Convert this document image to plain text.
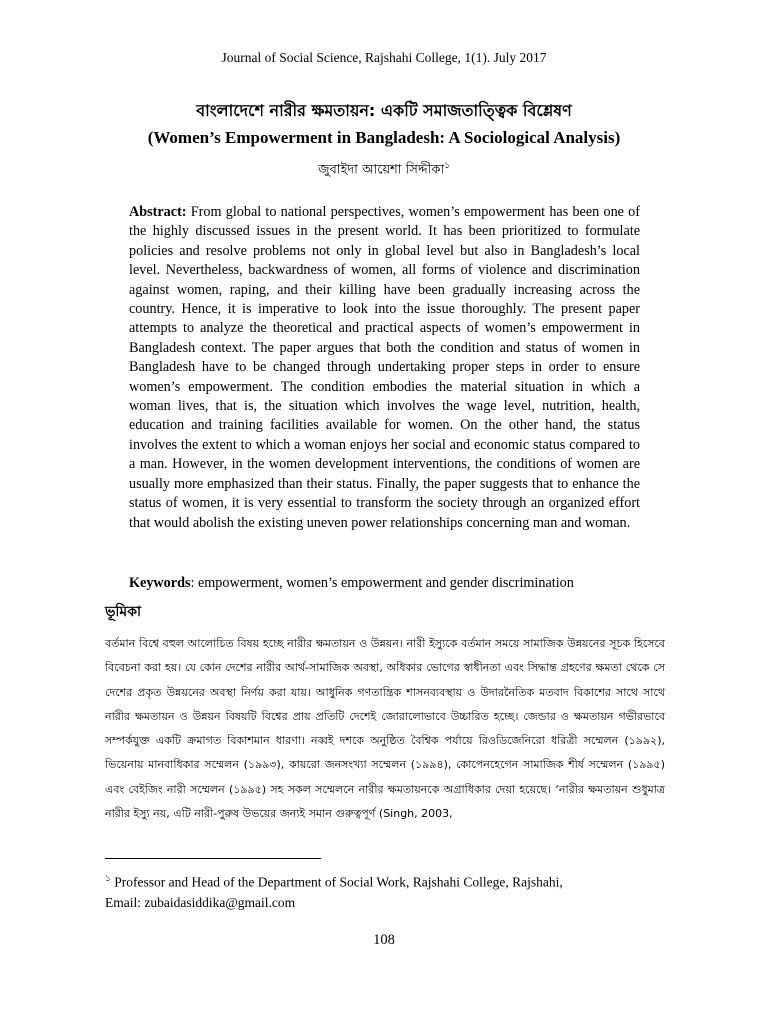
Journal of Social Science, Rajshahi College, 1(1). July 2017
বাংলাদেশে নারীর ক্ষমতায়ন: একটি সমাজতাত্ত্বিক বিশ্লেষণ
(Women’s Empowerment in Bangladesh: A Sociological Analysis)
জুবাইদা আয়েশা সিদ্দীকা$^১$
Abstract: From global to national perspectives, women’s empowerment has been one of the highly discussed issues in the present world. It has been prioritized to formulate policies and resolve problems not only in global level but also in Bangladesh’s local level. Nevertheless, backwardness of women, all forms of violence and discrimination against women, raping, and their killing have been gradually increasing across the country. Hence, it is imperative to look into the issue thoroughly. The present paper attempts to analyze the theoretical and practical aspects of women’s empowerment in Bangladesh context. The paper argues that both the condition and status of women in Bangladesh have to be changed through undertaking proper steps in order to ensure women’s empowerment. The condition embodies the material situation in which a woman lives, that is, the situation which involves the wage level, nutrition, health, education and training facilities available for women. On the other hand, the status involves the extent to which a woman enjoys her social and economic status compared to a man. However, in the women development interventions, the conditions of women are usually more emphasized than their status. Finally, the paper suggests that to enhance the status of women, it is very essential to transform the society through an organized effort that would abolish the existing uneven power relationships concerning man and woman.
Keywords: empowerment, women’s empowerment and gender discrimination
ভূমিকা
বর্তমান বিশ্বে বহুল আলোচিত বিষয় হচ্ছে নারীর ক্ষমতায়ন ও উন্নয়ন। নারী ইস্যুকে বর্তমান সময়ে সামাজিক উন্নয়নের সূচক হিসেবে বিবেচনা করা হয়। যে কোন দেশের নারীর আর্থ-সামাজিক অবস্থা, অধিকার ভোগের স্বাধীনতা এবং সিদ্ধান্ত গ্রহণের ক্ষমতা থেকে সে দেশের প্রকৃত উন্নয়নের অবস্থা নির্ণয় করা যায়। আধুনিক গণতান্ত্রিক শাসনব্যবস্থায় ও উদারনৈতিক মতবাদ বিকাশের সাথে সাথে নারীর ক্ষমতায়ন ও উন্নয়ন বিষয়টি বিশ্বের প্রায় প্রতিটি দেশেই জোরালোভাবে উচ্চারিত হচ্ছে। জেন্ডার ও ক্ষমতায়ন গভীরভাবে সম্পর্কযুক্ত একটি ক্রমাগত বিকাশমান ধারণা। নব্বই দশকে অনুষ্ঠিত বৈশ্বিক পর্যায়ে রিওডিজেনিরো ধরিত্রী সম্মেলন (১৯৯২), ভিয়েনায় মানবাধিকার সম্মেলন (১৯৯৩), কায়রো জনসংখ্যা সম্মেলন (১৯৯৪), কোপেনহেগেন সামাজিক শীর্ষ সম্মেলন (১৯৯৫) এবং বেইজিং নারী সম্মেলন (১৯৯৫) সহ সকল সম্মেলনে নারীর ক্ষমতায়নকে অগ্রাধিকার দেয়া হয়েছে। ‘নারীর ক্ষমতায়ন শুধুমাত্র নারীর ইস্যু নয়, এটি নারী-পুরুষ উভয়ের জন্যই সমান গুরুত্বপূর্ণ (Singh, 2003,
$^১$ Professor and Head of the Department of Social Work, Rajshahi College, Rajshahi,
Email: zubaidasiddika@gmail.com
108
